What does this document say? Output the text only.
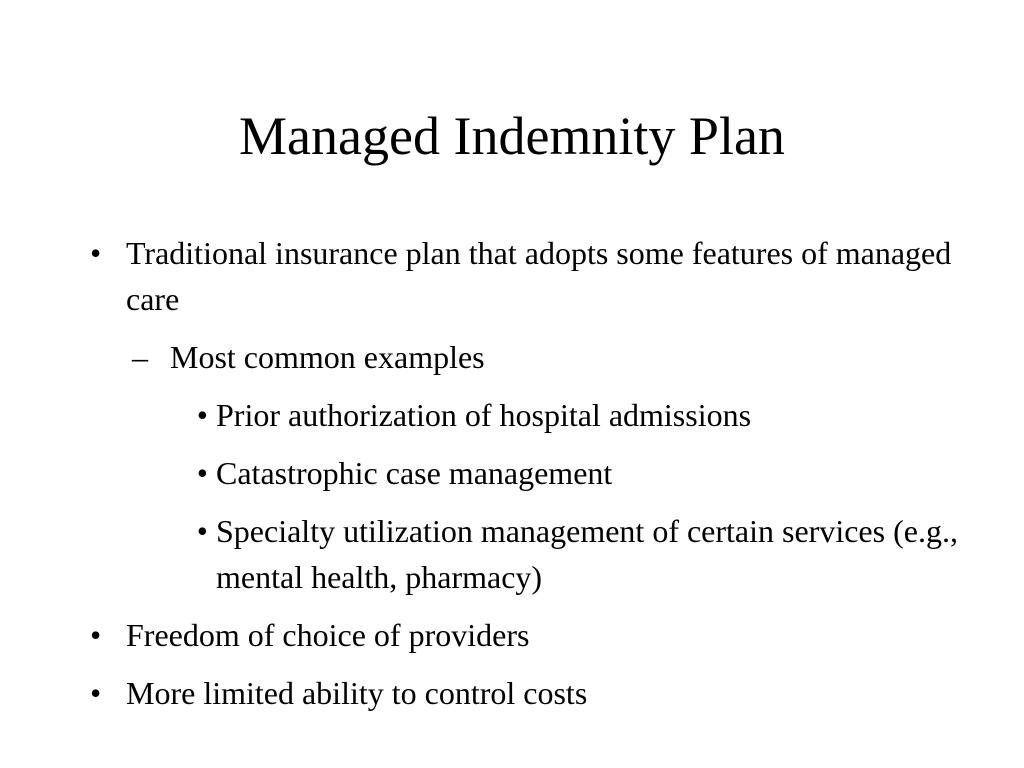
Managed Indemnity Plan
• Traditional insurance plan that adopts some features of managed care
– Most common examples
• Prior authorization of hospital admissions
• Catastrophic case management
• Specialty utilization management of certain services (e.g., mental health, pharmacy)
• Freedom of choice of providers
• More limited ability to control costs
